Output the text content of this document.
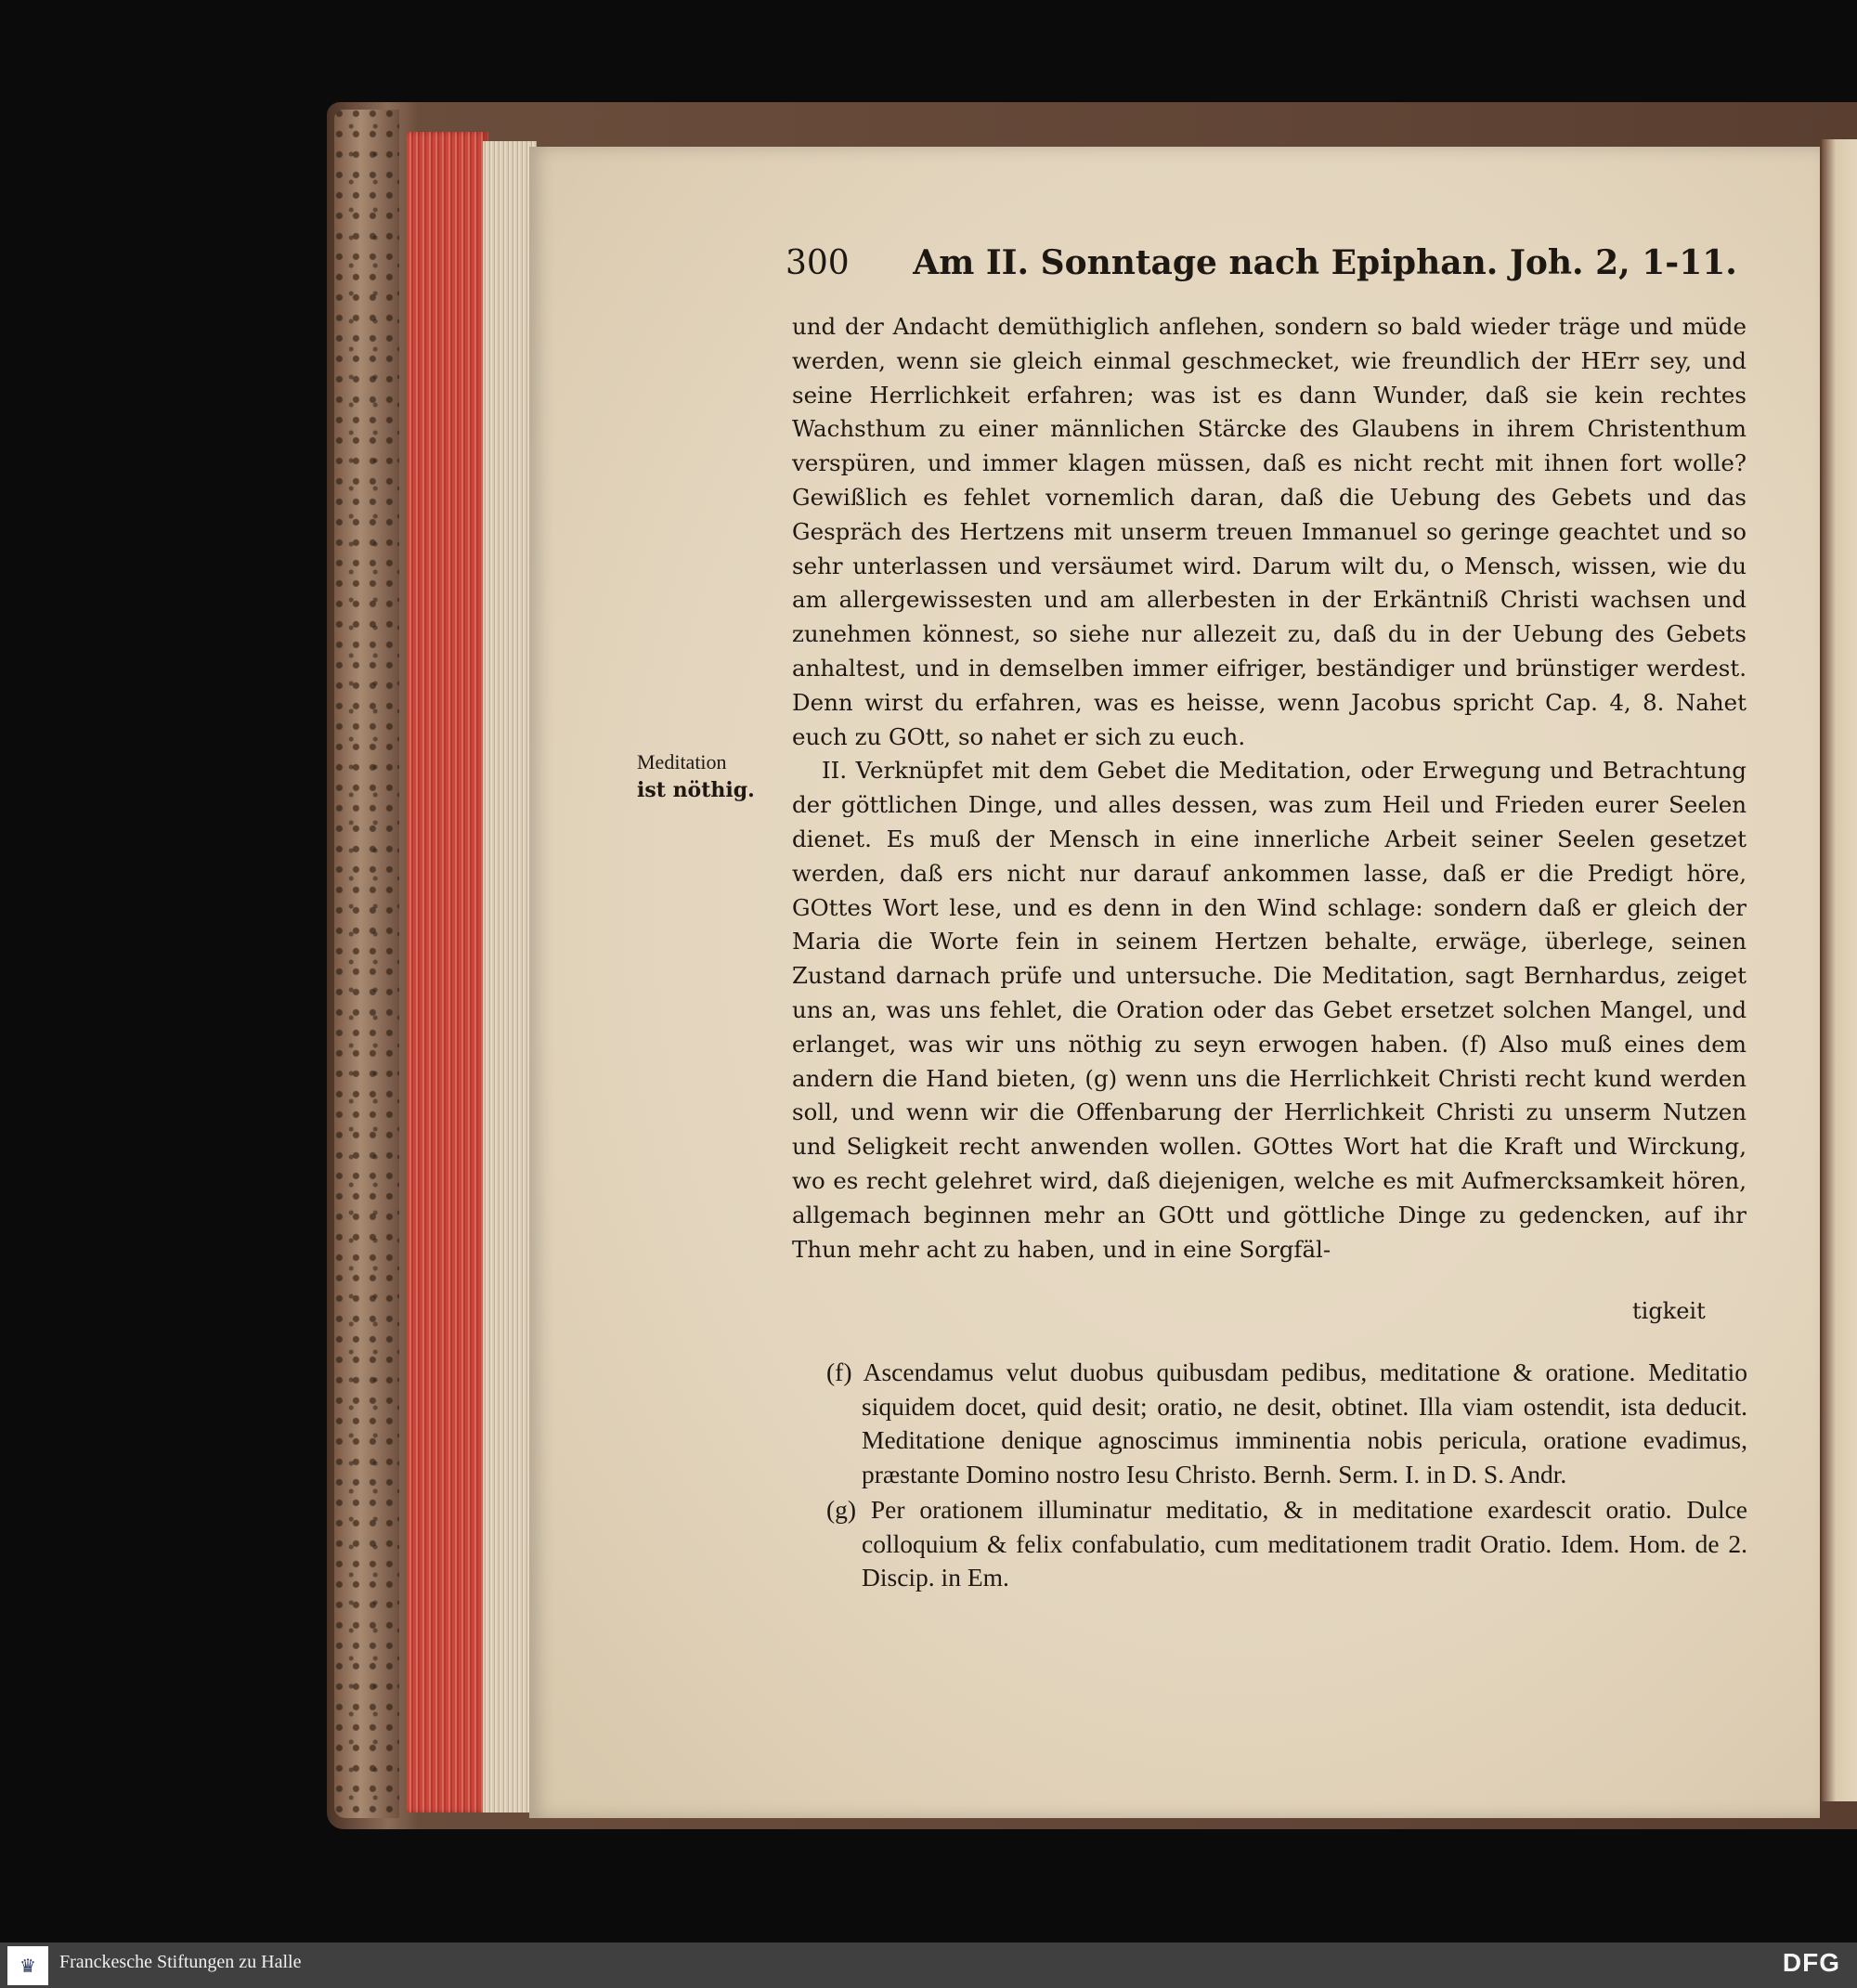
300 Am II. Sonntage nach Epiphan. Joh. 2, 1-11.
Meditation
ist nöthig.

und der Andacht demüthiglich anflehen, sondern so bald wieder träge und müde werden, wenn sie gleich einmal geschmecket, wie freundlich der HErr sey, und seine Herrlichkeit erfahren; was ist es dann Wunder, daß sie kein rechtes Wachsthum zu einer männlichen Stärcke des Glaubens in ihrem Christenthum verspüren, und immer klagen müssen, daß es nicht recht mit ihnen fort wolle? Gewißlich es fehlet vornemlich daran, daß die Uebung des Gebets und das Gespräch des Hertzens mit unserm treuen Immanuel so geringe geachtet und so sehr unterlassen und versäumet wird. Darum wilt du, o Mensch, wissen, wie du am allergewissesten und am allerbesten in der Erkäntniß Christi wachsen und zunehmen könnest, so siehe nur allezeit zu, daß du in der Uebung des Gebets anhaltest, und in demselben immer eifriger, beständiger und brünstiger werdest. Denn wirst du erfahren, was es heisse, wenn Jacobus spricht Cap. 4, 8. Nahet euch zu GOtt, so nahet er sich zu euch.

II. Verknüpfet mit dem Gebet die Meditation, oder Erwegung und Betrachtung der göttlichen Dinge, und alles dessen, was zum Heil und Frieden eurer Seelen dienet. Es muß der Mensch in eine innerliche Arbeit seiner Seelen gesetzet werden, daß ers nicht nur darauf ankommen lasse, daß er die Predigt höre, GOttes Wort lese, und es denn in den Wind schlage: sondern daß er gleich der Maria die Worte fein in seinem Hertzen behalte, erwäge, überlege, seinen Zustand darnach prüfe und untersuche. Die Meditation, sagt Bernhardus, zeiget uns an, was uns fehlet, die Oration oder das Gebet ersetzet solchen Mangel, und erlanget, was wir uns nöthig zu seyn erwogen haben. (f) Also muß eines dem andern die Hand bieten, (g) wenn uns die Herrlichkeit Christi recht kund werden soll, und wenn wir die Offenbarung der Herrlichkeit Christi zu unserm Nutzen und Seligkeit recht anwenden wollen. GOttes Wort hat die Kraft und Wirckung, wo es recht gelehret wird, daß diejenigen, welche es mit Aufmercksamkeit hören, allgemach beginnen mehr an GOtt und göttliche Dinge zu gedencken, auf ihr Thun mehr acht zu haben, und in eine Sorgfäl-

tigkeit

(f) Ascendamus velut duobus quibusdam pedibus, meditatione & oratione. Meditatio siquidem docet, quid desit; oratio, ne desit, obtinet. Illa viam ostendit, ista deducit. Meditatione denique agnoscimus imminentia nobis pericula, oratione evadimus, præstante Domino nostro Iesu Christo. Bernh. Serm. I. in D. S. Andr.

(g) Per orationem illuminatur meditatio, & in meditatione exardescit oratio. Dulce colloquium & felix confabulatio, cum meditationem tradit Oratio. Idem. Hom. de 2. Discip. in Em.

♛ Franckesche Stiftungen zu Halle	DFG
